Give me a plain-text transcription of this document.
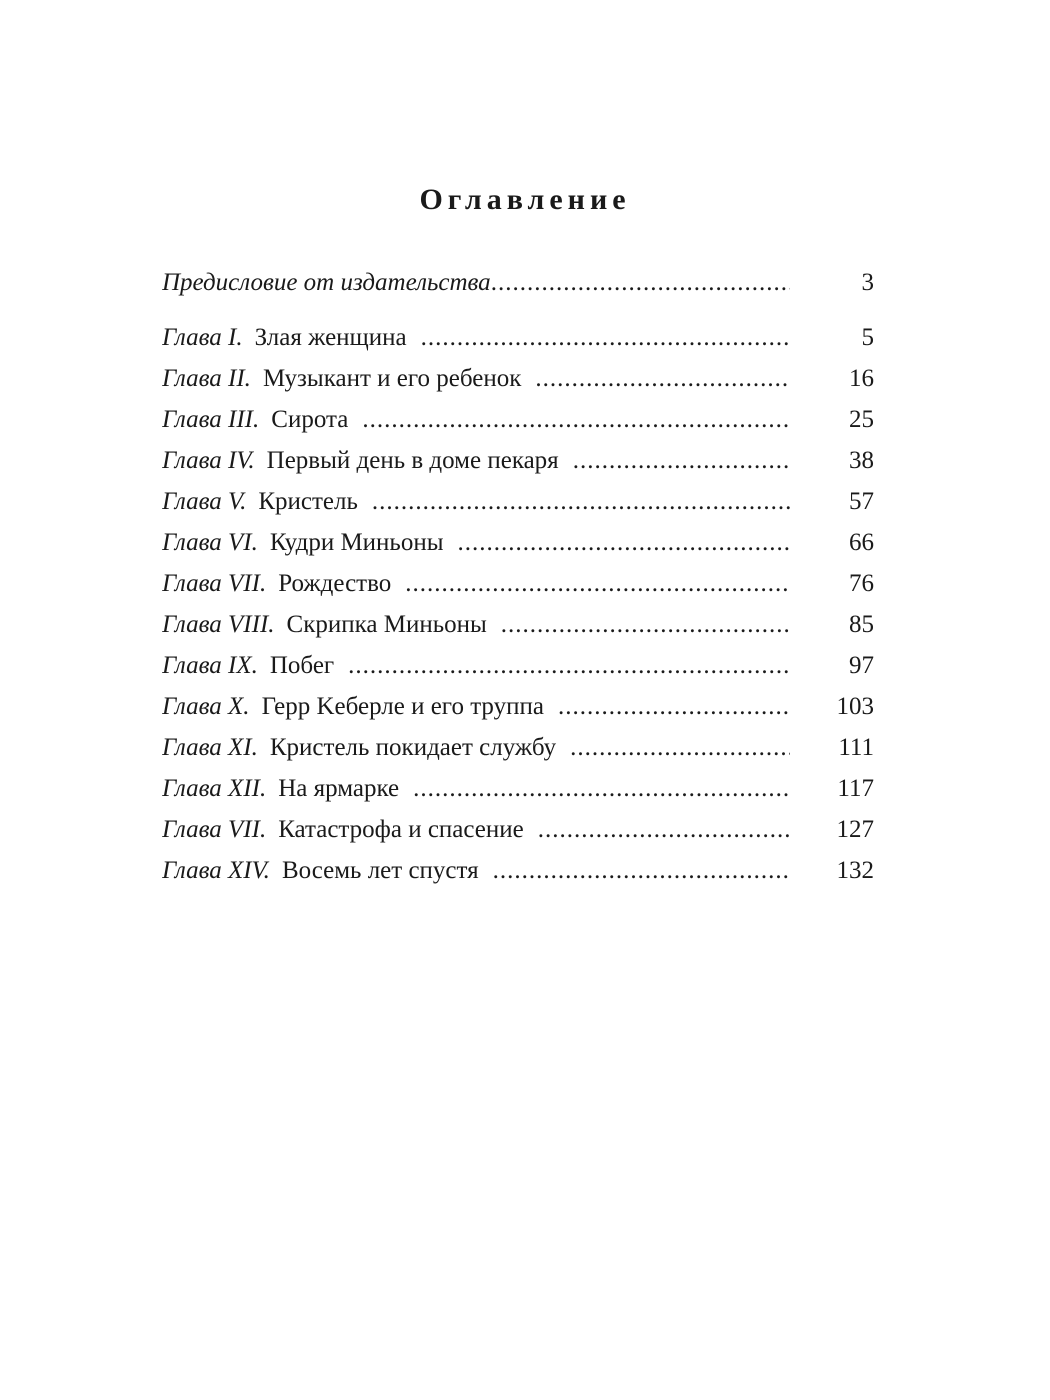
Оглавление
Предисловие от издательства .....	3
Глава I. Злая женщина .....	5
Глава II. Музыкант и его ребенок .....	16
Глава III. Сирота .....	25
Глава IV. Первый день в доме пекаря .....	38
Глава V. Кристель .....	57
Глава VI. Кудри Миньоны .....	66
Глава VII. Рождество .....	76
Глава VIII. Скрипка Миньоны .....	85
Глава IX. Побег .....	97
Глава X. Герр Keберле и его труппа .....	103
Глава XI. Кристель покидает службу .....	111
Глава XII. На ярмарке .....	117
Глава VII. Катастрофа и спасение .....	127
Глава XIV. Восемь лет спустя .....	132
